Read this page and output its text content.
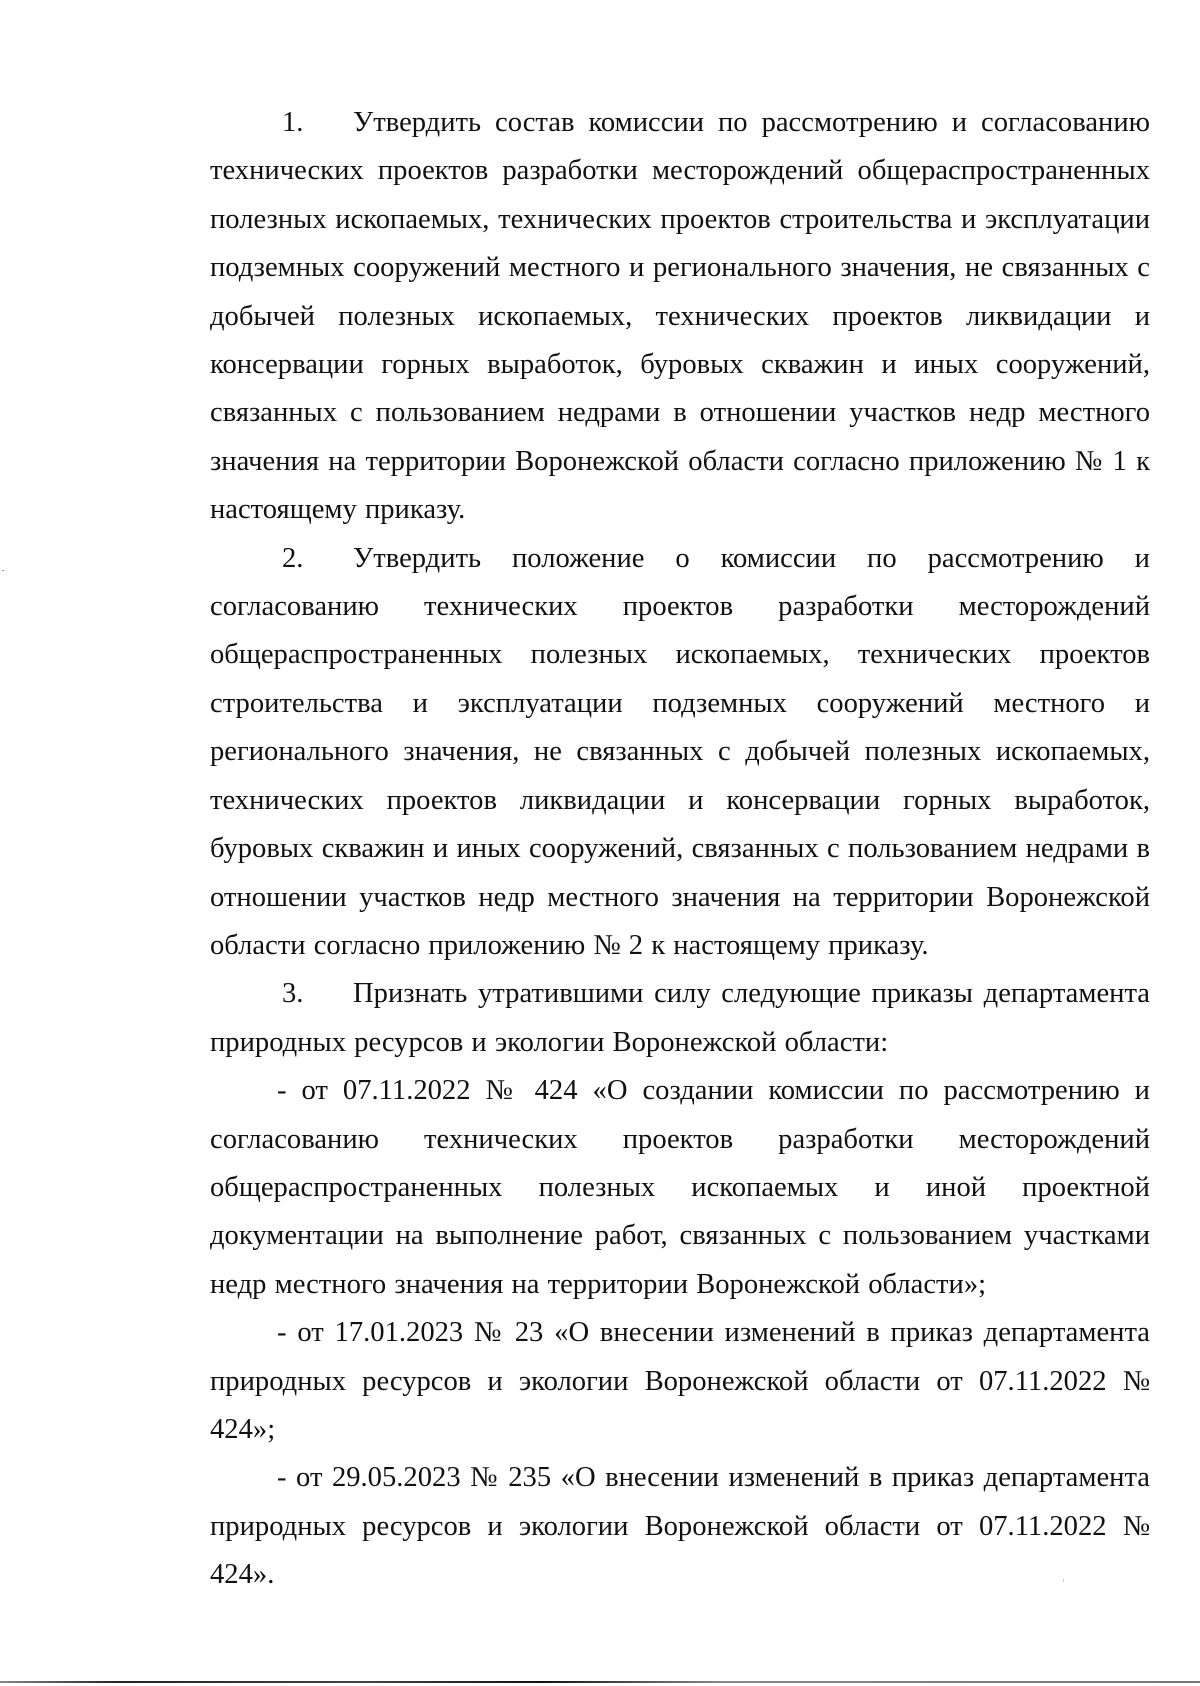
1. Утвердить состав комиссии по рассмотрению и согласованию технических проектов разработки месторождений общераспространенных полезных ископаемых, технических проектов строительства и эксплуатации подземных сооружений местного и регионального значения, не связанных с добычей полезных ископаемых, технических проектов ликвидации и консервации горных выработок, буровых скважин и иных сооружений, связанных с пользованием недрами в отношении участков недр местного значения на территории Воронежской области согласно приложению № 1 к настоящему приказу.

2. Утвердить положение о комиссии по рассмотрению и согласованию технических проектов разработки месторождений общераспространенных полезных ископаемых, технических проектов строительства и эксплуатации подземных сооружений местного и регионального значения, не связанных с добычей полезных ископаемых, технических проектов ликвидации и консервации горных выработок, буровых скважин и иных сооружений, связанных с пользованием недрами в отношении участков недр местного значения на территории Воронежской области согласно приложению № 2 к настоящему приказу.

3. Признать утратившими силу следующие приказы департамента природных ресурсов и экологии Воронежской области:

- от 07.11.2022 № 424 «О создании комиссии по рассмотрению и согласованию технических проектов разработки месторождений общераспространенных полезных ископаемых и иной проектной документации на выполнение работ, связанных с пользованием участками недр местного значения на территории Воронежской области»;

- от 17.01.2023 № 23 «О внесении изменений в приказ департамента природных ресурсов и экологии Воронежской области от 07.11.2022 № 424»;

- от 29.05.2023 № 235 «О внесении изменений в приказ департамента природных ресурсов и экологии Воронежской области от 07.11.2022 № 424».
